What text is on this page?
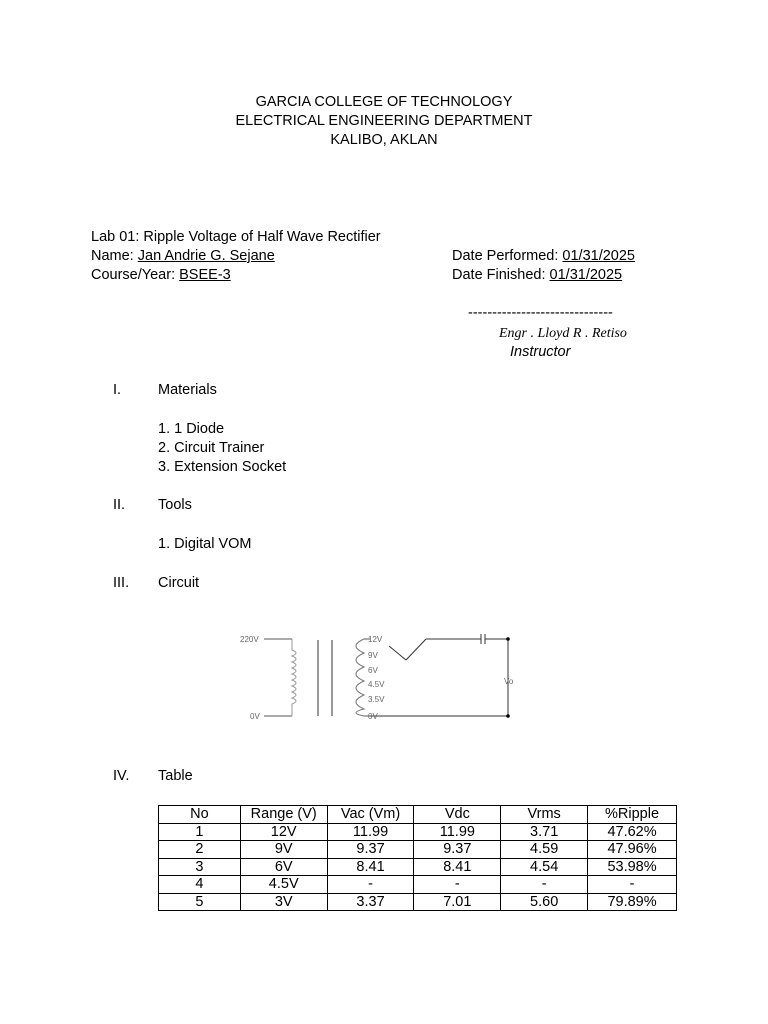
GARCIA COLLEGE OF TECHNOLOGY
ELECTRICAL ENGINEERING DEPARTMENT
KALIBO, AKLAN
Lab 01: Ripple Voltage of Half Wave Rectifier
Name: Jan Andrie G. Sejane
Course/Year: BSEE-3
Date Performed: 01/31/2025
Date Finished: 01/31/2025
------------------------------
Engr . Lloyd R . Retiso
Instructor
I.	Materials
1. 1 Diode
2. Circuit Trainer
3. Extension Socket
II. Tools
1. Digital VOM
III. Circuit
220V
0V
12V
9V
6V
4.5V
3.5V
0V
Vo
IV. Table
No	Range (V)	Vac (Vm)	Vdc	Vrms	%Ripple
1	12V	11.99	11.99	3.71	47.62%
2	9V	9.37	9.37	4.59	47.96%
3	6V	8.41	8.41	4.54	53.98%
4	4.5V	-	-	-	-
5	3V	3.37	7.01	5.60	79.89%
